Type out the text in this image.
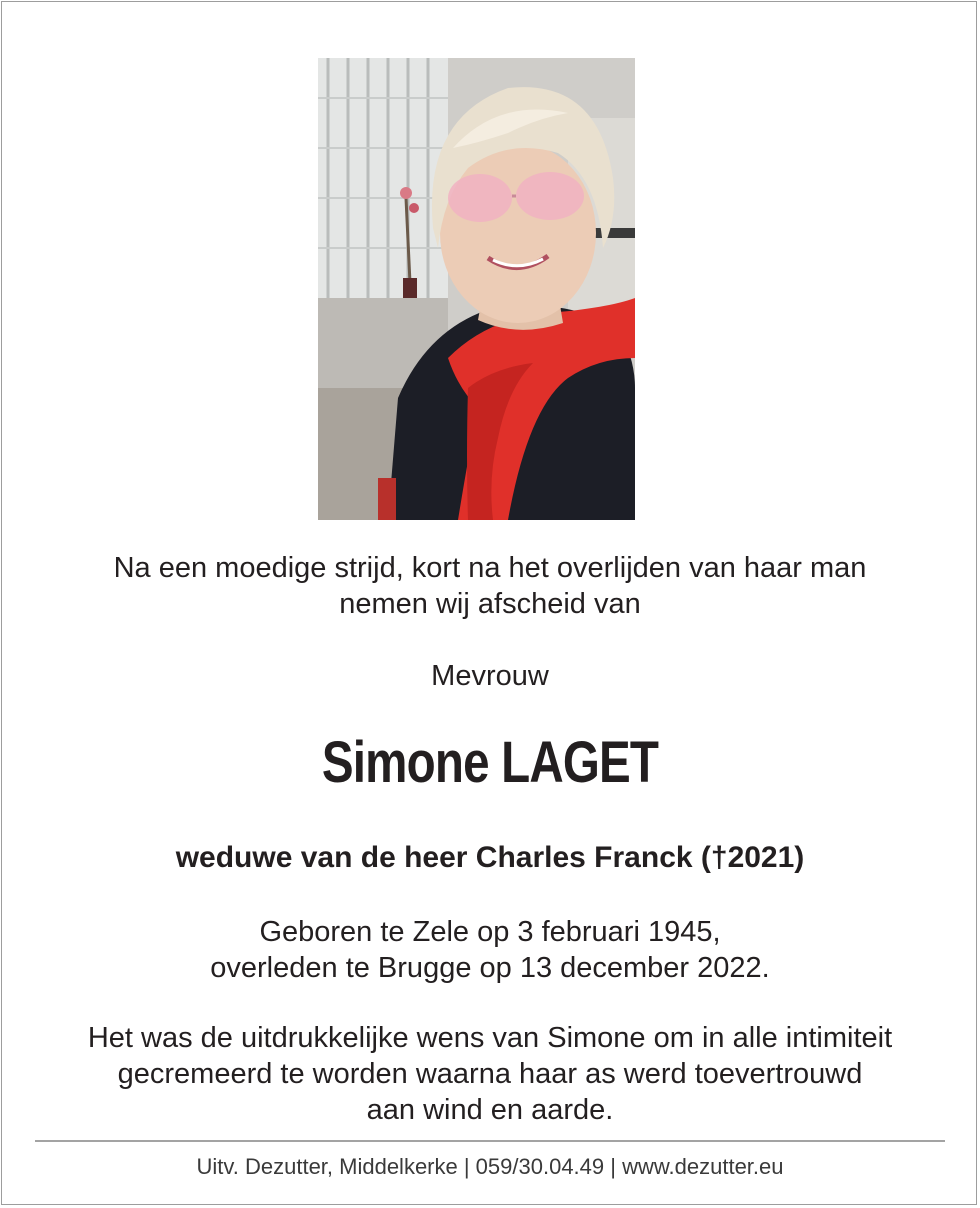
Na een moedige strijd, kort na het overlijden van haar man
nemen wij afscheid van
Mevrouw
Simone LAGET
weduwe van de heer Charles Franck (†2021)
Geboren te Zele op 3 februari 1945,
overleden te Brugge op 13 december 2022.
Het was de uitdrukkelijke wens van Simone om in alle intimiteit
gecremeerd te worden waarna haar as werd toevertrouwd
aan wind en aarde.
Uitv. Dezutter, Middelkerke | 059/30.04.49 | www.dezutter.eu
